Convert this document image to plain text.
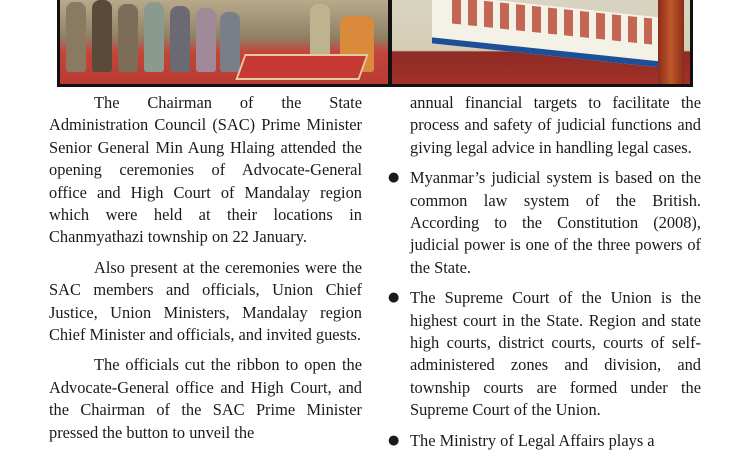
The Chairman of the State Administration Council (SAC) Prime Minister Senior General Min Aung Hlaing attended the opening ceremonies of Advocate-General office and High Court of Mandalay region which were held at their locations in Chanmyathazi township on 22 January.

Also present at the ceremonies were the SAC members and officials, Union Chief Justice, Union Ministers, Mandalay region Chief Minister and officials, and invited guests.

The officials cut the ribbon to open the Advocate-General office and High Court, and the Chairman of the SAC Prime Minister pressed the button to unveil the

annual financial targets to facilitate the process and safety of judicial functions and giving legal advice in handling legal cases.
● Myanmar’s judicial system is based on the common law system of the British. According to the Constitution (2008), judicial power is one of the three powers of the State.
● The Supreme Court of the Union is the highest court in the State. Region and state high courts, district courts, courts of self-administered zones and division, and township courts are formed under the Supreme Court of the Union.
● The Ministry of Legal Affairs plays a
